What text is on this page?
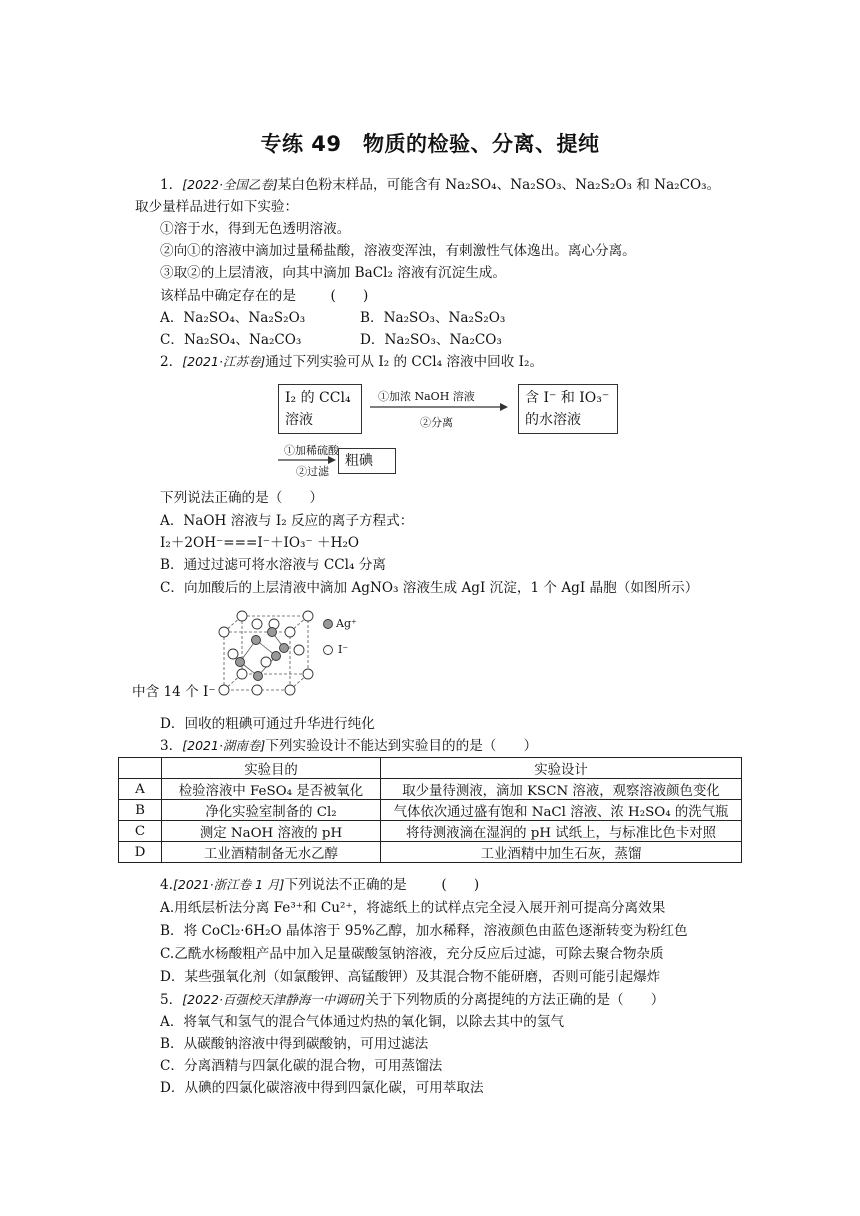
专练 49　物质的检验、分离、提纯
1．[2022·全国乙卷]某白色粉末样品，可能含有 Na₂SO₄、Na₂SO₃、Na₂S₂O₃ 和 Na₂CO₃。
取少量样品进行如下实验：
①溶于水，得到无色透明溶液。
②向①的溶液中滴加过量稀盐酸，溶液变浑浊，有刺激性气体逸出。离心分离。
③取②的上层清液，向其中滴加 BaCl₂ 溶液有沉淀生成。
该样品中确定存在的是	(　　)
A．Na₂SO₄、Na₂S₂O₃	B．Na₂SO₃、Na₂S₂O₃
C．Na₂SO₄、Na₂CO₃	D．Na₂SO₃、Na₂CO₃
2．[2021·江苏卷]通过下列实验可从 I₂ 的 CCl₄ 溶液中回收 I₂。
I₂ 的 CCl₄
溶液
①加浓 NaOH 溶液
②分离
含 I⁻ 和 IO₃⁻
的水溶液
①加稀硫酸
②过滤
粗碘
下列说法正确的是（　　）
A．NaOH 溶液与 I₂ 反应的离子方程式：
I₂＋2OH⁻===I⁻＋IO₃⁻ ＋H₂O
B．通过过滤可将水溶液与 CCl₄ 分离
C．向加酸后的上层清液中滴加 AgNO₃ 溶液生成 AgI 沉淀，1 个 AgI 晶胞（如图所示）
Ag⁺
I⁻
中含 14 个 I⁻
D．回收的粗碘可通过升华进行纯化
3．[2021·湖南卷]下列实验设计不能达到实验目的的是（　　）
	实验目的	实验设计
A	检验溶液中 FeSO₄ 是否被氧化	取少量待测液，滴加 KSCN 溶液，观察溶液颜色变化
B	净化实验室制备的 Cl₂	气体依次通过盛有饱和 NaCl 溶液、浓 H₂SO₄ 的洗气瓶
C	测定 NaOH 溶液的 pH	将待测液滴在湿润的 pH 试纸上，与标准比色卡对照
D	工业酒精制备无水乙醇	工业酒精中加生石灰，蒸馏
4.[2021·浙江卷 1 月]下列说法不正确的是	(　　)
A.用纸层析法分离 Fe³⁺和 Cu²⁺，将滤纸上的试样点完全浸入展开剂可提高分离效果
B．将 CoCl₂·6H₂O 晶体溶于 95%乙醇，加水稀释，溶液颜色由蓝色逐渐转变为粉红色
C.乙酰水杨酸粗产品中加入足量碳酸氢钠溶液，充分反应后过滤，可除去聚合物杂质
D．某些强氧化剂（如氯酸钾、高锰酸钾）及其混合物不能研磨，否则可能引起爆炸
5．[2022·百强校天津静海一中调研]关于下列物质的分离提纯的方法正确的是（　　）
A．将氧气和氢气的混合气体通过灼热的氧化铜，以除去其中的氢气
B．从碳酸钠溶液中得到碳酸钠，可用过滤法
C．分离酒精与四氯化碳的混合物，可用蒸馏法
D．从碘的四氯化碳溶液中得到四氯化碳，可用萃取法
